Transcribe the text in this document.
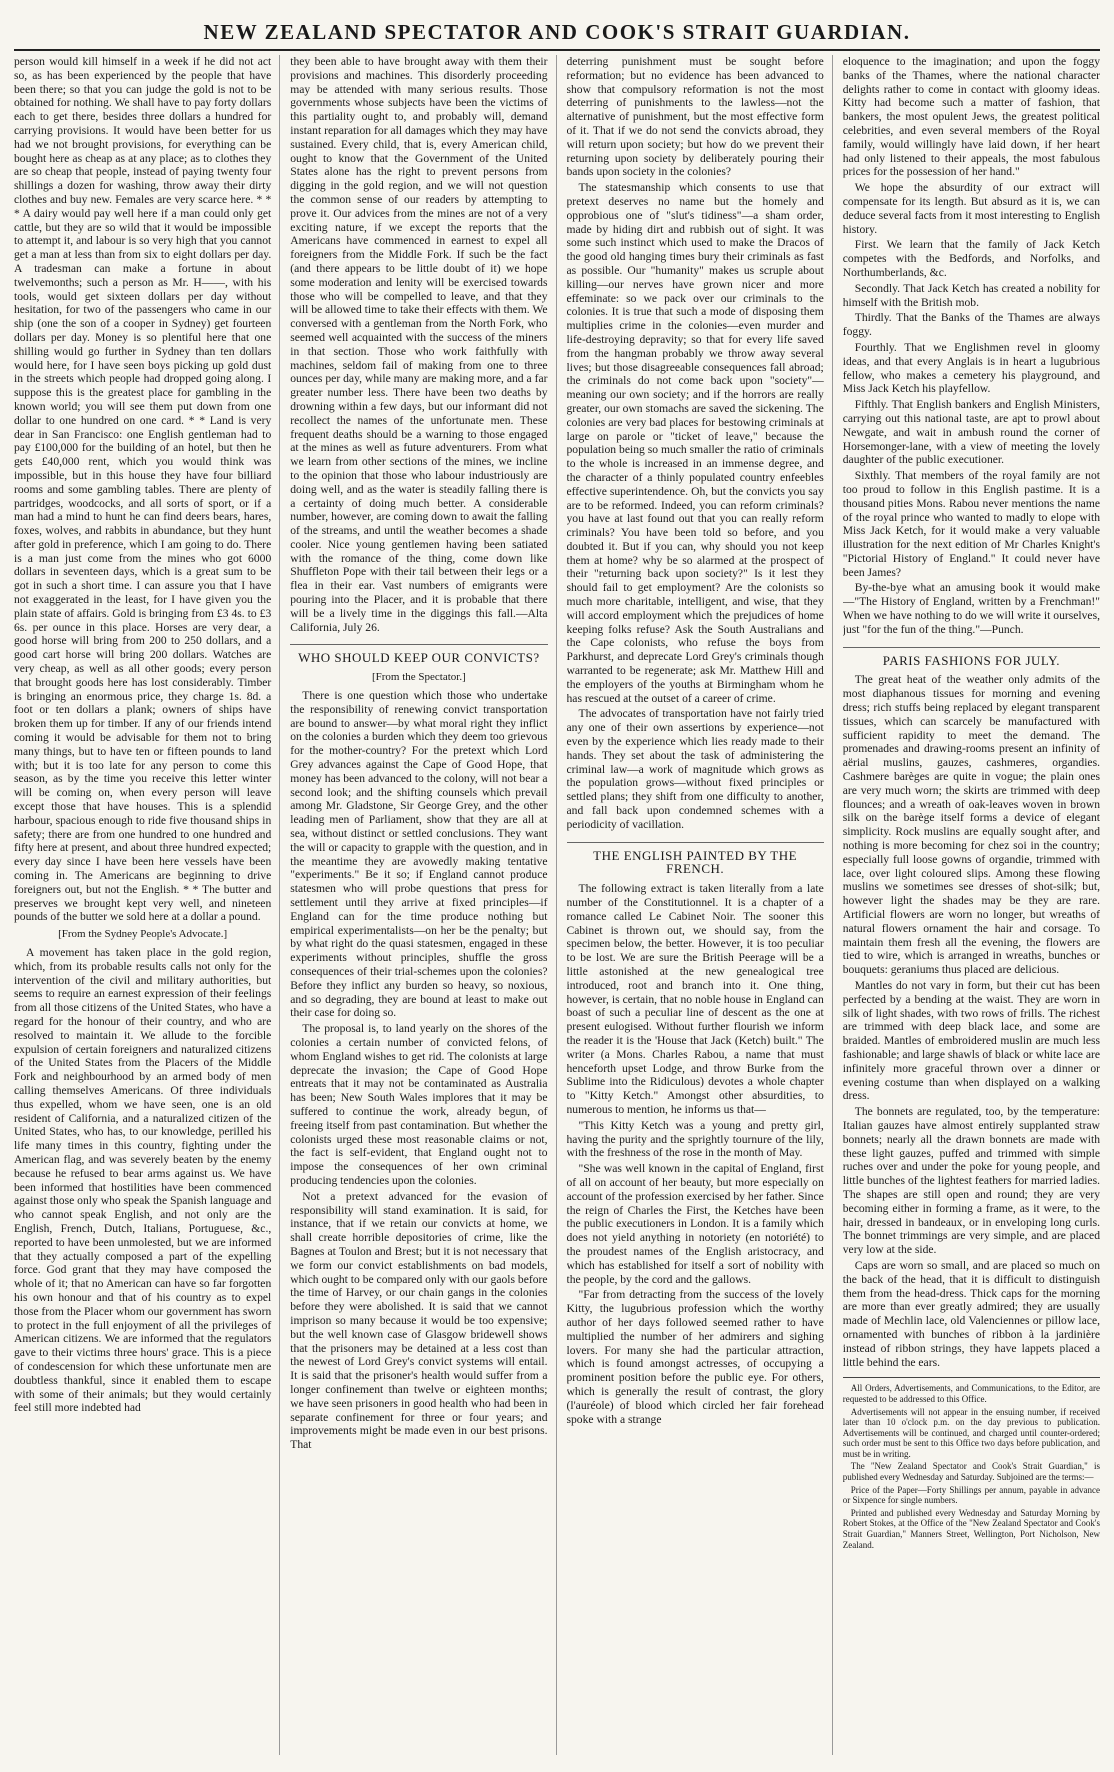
NEW ZEALAND SPECTATOR AND COOK'S STRAIT GUARDIAN.

person would kill himself in a week if he did not act so, as has been experienced by the people that have been there; so that you can judge the gold is not to be obtained for nothing. We shall have to pay forty dollars each to get there, besides three dollars a hundred for carrying provisions. It would have been better for us had we not brought provisions, for everything can be bought here as cheap as at any place; as to clothes they are so cheap that people, instead of paying twenty four shillings a dozen for washing, throw away their dirty clothes and buy new. Females are very scarce here. * * * A dairy would pay well here if a man could only get cattle, but they are so wild that it would be impossible to attempt it, and labour is so very high that you cannot get a man at less than from six to eight dollars per day. A tradesman can make a fortune in about twelvemonths; such a person as Mr. H——, with his tools, would get sixteen dollars per day without hesitation, for two of the passengers who came in our ship (one the son of a cooper in Sydney) get fourteen dollars per day. Money is so plentiful here that one shilling would go further in Sydney than ten dollars would here, for I have seen boys picking up gold dust in the streets which people had dropped going along. I suppose this is the greatest place for gambling in the known world; you will see them put down from one dollar to one hundred on one card. * * Land is very dear in San Francisco: one English gentleman had to pay £100,000 for the building of an hotel, but then he gets £40,000 rent, which you would think was impossible, but in this house they have four billiard rooms and some gambling tables. There are plenty of partridges, woodcocks, and all sorts of sport, or if a man had a mind to hunt he can find deers bears, hares, foxes, wolves, and rabbits in abundance, but they hunt after gold in preference, which I am going to do. There is a man just come from the mines who got 6000 dollars in seventeen days, which is a great sum to be got in such a short time. I can assure you that I have not exaggerated in the least, for I have given you the plain state of affairs. Gold is bringing from £3 4s. to £3 6s. per ounce in this place. Horses are very dear, a good horse will bring from 200 to 250 dollars, and a good cart horse will bring 200 dollars. Watches are very cheap, as well as all other goods; every person that brought goods here has lost considerably. Timber is bringing an enormous price, they charge 1s. 8d. a foot or ten dollars a plank; owners of ships have broken them up for timber. If any of our friends intend coming it would be advisable for them not to bring many things, but to have ten or fifteen pounds to land with; but it is too late for any person to come this season, as by the time you receive this letter winter will be coming on, when every person will leave except those that have houses. This is a splendid harbour, spacious enough to ride five thousand ships in safety; there are from one hundred to one hundred and fifty here at present, and about three hundred expected; every day since I have been here vessels have been coming in. The Americans are beginning to drive foreigners out, but not the English. * * The butter and preserves we brought kept very well, and nineteen pounds of the butter we sold here at a dollar a pound.

[From the Sydney People's Advocate.]

A movement has taken place in the gold region, which, from its probable results calls not only for the intervention of the civil and military authorities, but seems to require an earnest expression of their feelings from all those citizens of the United States, who have a regard for the honour of their country, and who are resolved to maintain it. We allude to the forcible expulsion of certain foreigners and naturalized citizens of the United States from the Placers of the Middle Fork and neighbourhood by an armed body of men calling themselves Americans. Of three individuals thus expelled, whom we have seen, one is an old resident of California, and a naturalized citizen of the United States, who has, to our knowledge, perilled his life many times in this country, fighting under the American flag, and was severely beaten by the enemy because he refused to bear arms against us. We have been informed that hostilities have been commenced against those only who speak the Spanish language and who cannot speak English, and not only are the English, French, Dutch, Italians, Portuguese, &c., reported to have been unmolested, but we are informed that they actually composed a part of the expelling force. God grant that they may have composed the whole of it; that no American can have so far forgotten his own honour and that of his country as to expel those from the Placer whom our government has sworn to protect in the full enjoyment of all the privileges of American citizens. We are informed that the regulators gave to their victims three hours' grace. This is a piece of condescension for which these unfortunate men are doubtless thankful, since it enabled them to escape with some of their animals; but they would certainly feel still more indebted had

they been able to have brought away with them their provisions and machines. This disorderly proceeding may be attended with many serious results. Those governments whose subjects have been the victims of this partiality ought to, and probably will, demand instant reparation for all damages which they may have sustained. Every child, that is, every American child, ought to know that the Government of the United States alone has the right to prevent persons from digging in the gold region, and we will not question the common sense of our readers by attempting to prove it. Our advices from the mines are not of a very exciting nature, if we except the reports that the Americans have commenced in earnest to expel all foreigners from the Middle Fork. If such be the fact (and there appears to be little doubt of it) we hope some moderation and lenity will be exercised towards those who will be compelled to leave, and that they will be allowed time to take their effects with them. We conversed with a gentleman from the North Fork, who seemed well acquainted with the success of the miners in that section. Those who work faithfully with machines, seldom fail of making from one to three ounces per day, while many are making more, and a far greater number less. There have been two deaths by drowning within a few days, but our informant did not recollect the names of the unfortunate men. These frequent deaths should be a warning to those engaged at the mines as well as future adventurers. From what we learn from other sections of the mines, we incline to the opinion that those who labour industriously are doing well, and as the water is steadily falling there is a certainty of doing much better. A considerable number, however, are coming down to await the falling of the streams, and until the weather becomes a shade cooler. Nice young gentlemen having been satiated with the romance of the thing, come down like Shuffleton Pope with their tail between their legs or a flea in their ear. Vast numbers of emigrants were pouring into the Placer, and it is probable that there will be a lively time in the diggings this fall.—Alta California, July 26.

WHO SHOULD KEEP OUR CONVICTS?
[From the Spectator.]

There is one question which those who undertake the responsibility of renewing convict transportation are bound to answer—by what moral right they inflict on the colonies a burden which they deem too grievous for the mother-country? For the pretext which Lord Grey advances against the Cape of Good Hope, that money has been advanced to the colony, will not bear a second look; and the shifting counsels which prevail among Mr. Gladstone, Sir George Grey, and the other leading men of Parliament, show that they are all at sea, without distinct or settled conclusions. They want the will or capacity to grapple with the question, and in the meantime they are avowedly making tentative "experiments." Be it so; if England cannot produce statesmen who will probe questions that press for settlement until they arrive at fixed principles—if England can for the time produce nothing but empirical experimentalists—on her be the penalty; but by what right do the quasi statesmen, engaged in these experiments without principles, shuffle the gross consequences of their trial-schemes upon the colonies? Before they inflict any burden so heavy, so noxious, and so degrading, they are bound at least to make out their case for doing so.

The proposal is, to land yearly on the shores of the colonies a certain number of convicted felons, of whom England wishes to get rid. The colonists at large deprecate the invasion; the Cape of Good Hope entreats that it may not be contaminated as Australia has been; New South Wales implores that it may be suffered to continue the work, already begun, of freeing itself from past contamination. But whether the colonists urged these most reasonable claims or not, the fact is self-evident, that England ought not to impose the consequences of her own criminal producing tendencies upon the colonies.

Not a pretext advanced for the evasion of responsibility will stand examination. It is said, for instance, that if we retain our convicts at home, we shall create horrible depositories of crime, like the Bagnes at Toulon and Brest; but it is not necessary that we form our convict establishments on bad models, which ought to be compared only with our gaols before the time of Harvey, or our chain gangs in the colonies before they were abolished. It is said that we cannot imprison so many because it would be too expensive; but the well known case of Glasgow bridewell shows that the prisoners may be detained at a less cost than the newest of Lord Grey's convict systems will entail. It is said that the prisoner's health would suffer from a longer confinement than twelve or eighteen months; we have seen prisoners in good health who had been in separate confinement for three or four years; and improvements might be made even in our best prisons. That

deterring punishment must be sought before reformation; but no evidence has been advanced to show that compulsory reformation is not the most deterring of punishments to the lawless—not the alternative of punishment, but the most effective form of it. That if we do not send the convicts abroad, they will return upon society; but how do we prevent their returning upon society by deliberately pouring their bands upon society in the colonies?

The statesmanship which consents to use that pretext deserves no name but the homely and opprobious one of "slut's tidiness"—a sham order, made by hiding dirt and rubbish out of sight. It was some such instinct which used to make the Dracos of the good old hanging times bury their criminals as fast as possible. Our "humanity" makes us scruple about killing—our nerves have grown nicer and more effeminate: so we pack over our criminals to the colonies. It is true that such a mode of disposing them multiplies crime in the colonies—even murder and life-destroying depravity; so that for every life saved from the hangman probably we throw away several lives; but those disagreeable consequences fall abroad; the criminals do not come back upon "society"—meaning our own society; and if the horrors are really greater, our own stomachs are saved the sickening. The colonies are very bad places for bestowing criminals at large on parole or "ticket of leave," because the population being so much smaller the ratio of criminals to the whole is increased in an immense degree, and the character of a thinly populated country enfeebles effective superintendence. Oh, but the convicts you say are to be reformed. Indeed, you can reform criminals? you have at last found out that you can really reform criminals? You have been told so before, and you doubted it. But if you can, why should you not keep them at home? why be so alarmed at the prospect of their "returning back upon society?" Is it lest they should fail to get employment? Are the colonists so much more charitable, intelligent, and wise, that they will accord employment which the prejudices of home keeping folks refuse? Ask the South Australians and the Cape colonists, who refuse the boys from Parkhurst, and deprecate Lord Grey's criminals though warranted to be regenerate; ask Mr. Matthew Hill and the employers of the youths at Birmingham whom he has rescued at the outset of a career of crime.

The advocates of transportation have not fairly tried any one of their own assertions by experience—not even by the experience which lies ready made to their hands. They set about the task of administering the criminal law—a work of magnitude which grows as the population grows—without fixed principles or settled plans; they shift from one difficulty to another, and fall back upon condemned schemes with a periodicity of vacillation.

THE ENGLISH PAINTED BY THE FRENCH.

The following extract is taken literally from a late number of the Constitutionnel. It is a chapter of a romance called Le Cabinet Noir. The sooner this Cabinet is thrown out, we should say, from the specimen below, the better. However, it is too peculiar to be lost. We are sure the British Peerage will be a little astonished at the new genealogical tree introduced, root and branch into it. One thing, however, is certain, that no noble house in England can boast of such a peculiar line of descent as the one at present eulogised. Without further flourish we inform the reader it is the 'House that Jack (Ketch) built." The writer (a Mons. Charles Rabou, a name that must henceforth upset Lodge, and throw Burke from the Sublime into the Ridiculous) devotes a whole chapter to "Kitty Ketch." Amongst other absurdities, to numerous to mention, he informs us that—

"This Kitty Ketch was a young and pretty girl, having the purity and the sprightly tournure of the lily, with the freshness of the rose in the month of May.

"She was well known in the capital of England, first of all on account of her beauty, but more especially on account of the profession exercised by her father. Since the reign of Charles the First, the Ketches have been the public executioners in London. It is a family which does not yield anything in notoriety (en notoriété) to the proudest names of the English aristocracy, and which has established for itself a sort of nobility with the people, by the cord and the gallows.

"Far from detracting from the success of the lovely Kitty, the lugubrious profession which the worthy author of her days followed seemed rather to have multiplied the number of her admirers and sighing lovers. For many she had the particular attraction, which is found amongst actresses, of occupying a prominent position before the public eye. For others, which is generally the result of contrast, the glory (l'auréole) of blood which circled her fair forehead spoke with a strange

eloquence to the imagination; and upon the foggy banks of the Thames, where the national character delights rather to come in contact with gloomy ideas. Kitty had become such a matter of fashion, that bankers, the most opulent Jews, the greatest political celebrities, and even several members of the Royal family, would willingly have laid down, if her heart had only listened to their appeals, the most fabulous prices for the possession of her hand."

We hope the absurdity of our extract will compensate for its length. But absurd as it is, we can deduce several facts from it most interesting to English history.

First. We learn that the family of Jack Ketch competes with the Bedfords, and Norfolks, and Northumberlands, &c.

Secondly. That Jack Ketch has created a nobility for himself with the British mob.

Thirdly. That the Banks of the Thames are always foggy.

Fourthly. That we Englishmen revel in gloomy ideas, and that every Anglais is in heart a lugubrious fellow, who makes a cemetery his playground, and Miss Jack Ketch his playfellow.

Fifthly. That English bankers and English Ministers, carrying out this national taste, are apt to prowl about Newgate, and wait in ambush round the corner of Horsemonger-lane, with a view of meeting the lovely daughter of the public executioner.

Sixthly. That members of the royal family are not too proud to follow in this English pastime. It is a thousand pities Mons. Rabou never mentions the name of the royal prince who wanted to madly to elope with Miss Jack Ketch, for it would make a very valuable illustration for the next edition of Mr Charles Knight's "Pictorial History of England." It could never have been James?

By-the-bye what an amusing book it would make—"The History of England, written by a Frenchman!" When we have nothing to do we will write it ourselves, just "for the fun of the thing."—Punch.

PARIS FASHIONS FOR JULY.

The great heat of the weather only admits of the most diaphanous tissues for morning and evening dress; rich stuffs being replaced by elegant transparent tissues, which can scarcely be manufactured with sufficient rapidity to meet the demand. The promenades and drawing-rooms present an infinity of aërial muslins, gauzes, cashmeres, organdies. Cashmere barèges are quite in vogue; the plain ones are very much worn; the skirts are trimmed with deep flounces; and a wreath of oak-leaves woven in brown silk on the barège itself forms a device of elegant simplicity. Rock muslins are equally sought after, and nothing is more becoming for chez soi in the country; especially full loose gowns of organdie, trimmed with lace, over light coloured slips. Among these flowing muslins we sometimes see dresses of shot-silk; but, however light the shades may be they are rare. Artificial flowers are worn no longer, but wreaths of natural flowers ornament the hair and corsage. To maintain them fresh all the evening, the flowers are tied to wire, which is arranged in wreaths, bunches or bouquets: geraniums thus placed are delicious.

Mantles do not vary in form, but their cut has been perfected by a bending at the waist. They are worn in silk of light shades, with two rows of frills. The richest are trimmed with deep black lace, and some are braided. Mantles of embroidered muslin are much less fashionable; and large shawls of black or white lace are infinitely more graceful thrown over a dinner or evening costume than when displayed on a walking dress.

The bonnets are regulated, too, by the temperature: Italian gauzes have almost entirely supplanted straw bonnets; nearly all the drawn bonnets are made with these light gauzes, puffed and trimmed with simple ruches over and under the poke for young people, and little bunches of the lightest feathers for married ladies. The shapes are still open and round; they are very becoming either in forming a frame, as it were, to the hair, dressed in bandeaux, or in enveloping long curls. The bonnet trimmings are very simple, and are placed very low at the side.

Caps are worn so small, and are placed so much on the back of the head, that it is difficult to distinguish them from the head-dress. Thick caps for the morning are more than ever greatly admired; they are usually made of Mechlin lace, old Valenciennes or pillow lace, ornamented with bunches of ribbon à la jardinière instead of ribbon strings, they have lappets placed a little behind the ears.

All Orders, Advertisements, and Communications, to the Editor, are requested to be addressed to this Office.

Advertisements will not appear in the ensuing number, if received later than 10 o'clock p.m. on the day previous to publication. Advertisements will be continued, and charged until counter-ordered; such order must be sent to this Office two days before publication, and must be in writing.

The "New Zealand Spectator and Cook's Strait Guardian," is published every Wednesday and Saturday. Subjoined are the terms:—

Price of the Paper—Forty Shillings per annum, payable in advance or Sixpence for single numbers.

Printed and published every Wednesday and Saturday Morning by Robert Stokes, at the Office of the "New Zealand Spectator and Cook's Strait Guardian," Manners Street, Wellington, Port Nicholson, New Zealand.
